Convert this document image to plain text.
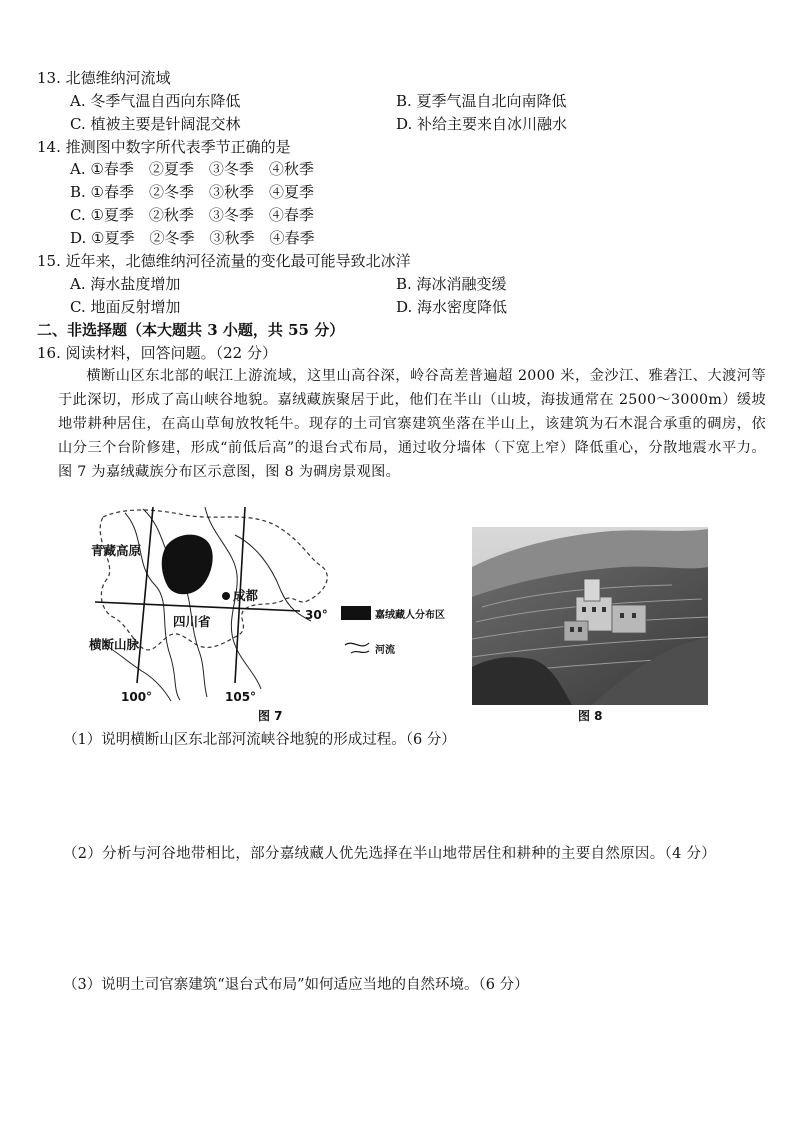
13. 北德维纳河流域
A. 冬季气温自西向东降低	B. 夏季气温自北向南降低
C. 植被主要是针阔混交林	D. 补给主要来自冰川融水
14. 推测图中数字所代表季节正确的是
A. ①春季　②夏季　③冬季　④秋季
B. ①春季　②冬季　③秋季　④夏季
C. ①夏季　②秋季　③冬季　④春季
D. ①夏季　②冬季　③秋季　④春季
15. 近年来，北德维纳河径流量的变化最可能导致北冰洋
A. 海水盐度增加	B. 海冰消融变缓
C. 地面反射增加	D. 海水密度降低
二、非选择题（本大题共 3 小题，共 55 分）
16. 阅读材料，回答问题。（22 分）
横断山区东北部的岷江上游流域，这里山高谷深，岭谷高差普遍超 2000 米，金沙江、雅砻江、大渡河等于此深切，形成了高山峡谷地貌。嘉绒藏族聚居于此，他们在半山（山坡，海拔通常在 2500～3000m）缓坡地带耕种居住，在高山草甸放牧牦牛。现存的土司官寨建筑坐落在半山上，该建筑为石木混合承重的碉房，依山分三个台阶修建，形成“前低后高”的退台式布局，通过收分墙体（下宽上窄）降低重心，分散地震水平力。图 7 为嘉绒藏族分布区示意图，图 8 为碉房景观图。
青藏高原
成都
四川省
横断山脉
30°
100°	105°
嘉绒藏人分布区
河流
图 7	图 8
（1）说明横断山区东北部河流峡谷地貌的形成过程。（6 分）
（2）分析与河谷地带相比，部分嘉绒藏人优先选择在半山地带居住和耕种的主要自然原因。（4 分）
（3）说明土司官寨建筑“退台式布局”如何适应当地的自然环境。（6 分）
